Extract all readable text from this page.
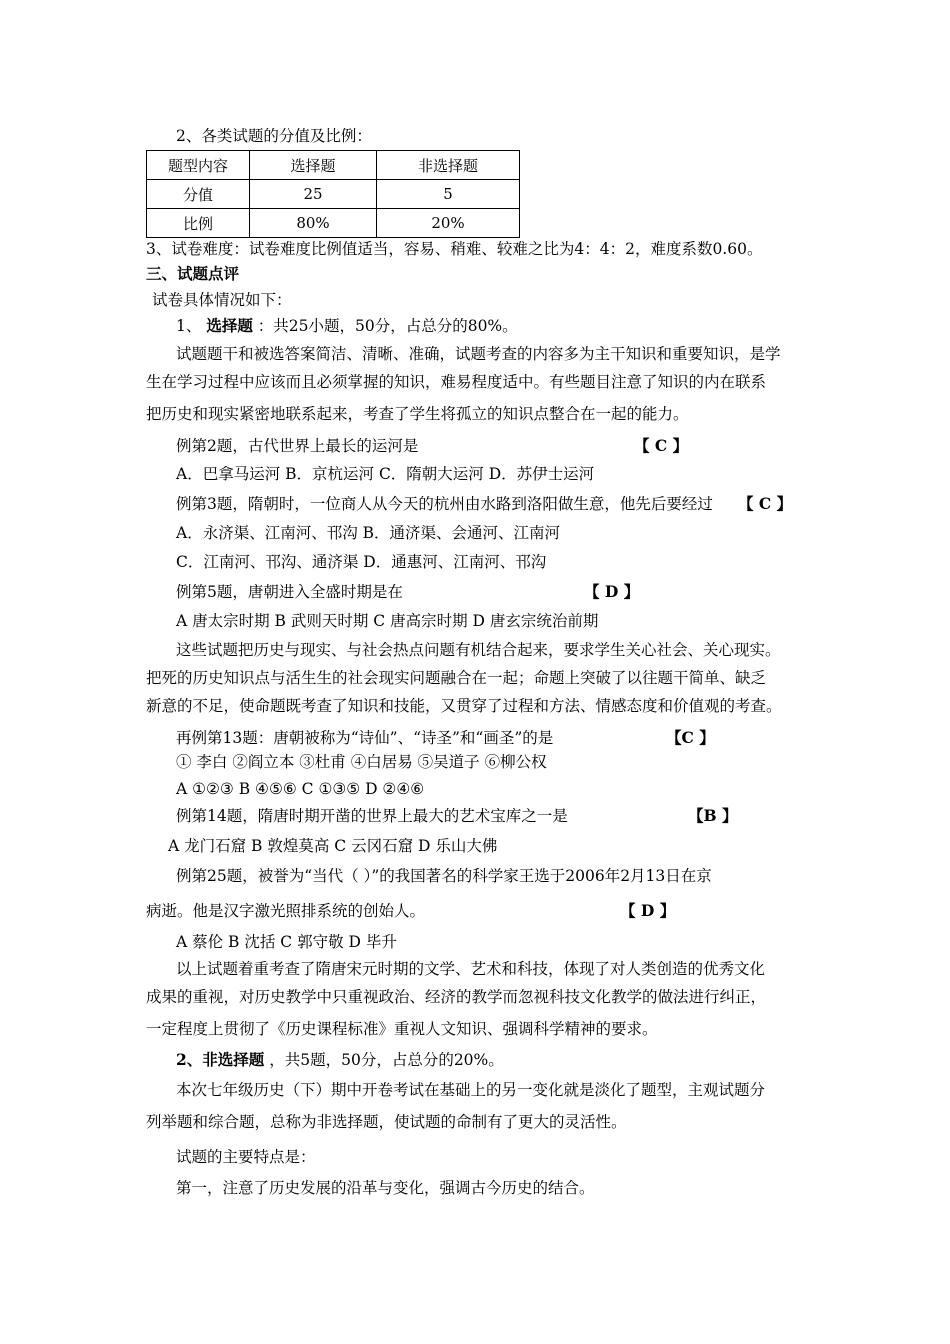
2、各类试题的分值及比例：
题型内容	选择题	非选择题
分值	25	5
比例	80%	20%
3、试卷难度：试卷难度比例值适当，容易、稍难、较难之比为4：4：2，难度系数0.60。
三、试题点评
试卷具体情况如下：
1、 选择题 ：共25小题，50分，占总分的80%。
试题题干和被选答案简洁、清晰、准确，试题考查的内容多为主干知识和重要知识，是学
生在学习过程中应该而且必须掌握的知识，难易程度适中。有些题目注意了知识的内在联系
把历史和现实紧密地联系起来，考查了学生将孤立的知识点整合在一起的能力。
例第2题，古代世界上最长的运河是	【 C 】
A．巴拿马运河 B．京杭运河 C．隋朝大运河 D．苏伊士运河
例第3题，隋朝时，一位商人从今天的杭州由水路到洛阳做生意，他先后要经过 【 C 】
A．永济渠、江南河、邗沟 B．通济渠、会通河、江南河
C．江南河、邗沟、通济渠 D．通惠河、江南河、邗沟
例第5题，唐朝进入全盛时期是在	【 D 】
A 唐太宗时期 B 武则天时期 C 唐高宗时期 D 唐玄宗统治前期
这些试题把历史与现实、与社会热点问题有机结合起来，要求学生关心社会、关心现实。
把死的历史知识点与活生生的社会现实问题融合在一起；命题上突破了以往题干简单、缺乏
新意的不足，使命题既考查了知识和技能，又贯穿了过程和方法、情感态度和价值观的考查。
再例第13题：唐朝被称为“诗仙”、“诗圣”和“画圣”的是	【C 】
① 李白 ②阎立本 ③杜甫 ④白居易 ⑤吴道子 ⑥柳公权
A ①②③ B ④⑤⑥ C ①③⑤ D ②④⑥
例第14题，隋唐时期开凿的世界上最大的艺术宝库之一是	【B 】
A 龙门石窟 B 敦煌莫高 C 云冈石窟 D 乐山大佛
例第25题，被誉为“当代（ ）”的我国著名的科学家王选于2006年2月13日在京
病逝。他是汉字激光照排系统的创始人。	【 D 】
A 蔡伦 B 沈括 C 郭守敬 D 毕升
以上试题着重考查了隋唐宋元时期的文学、艺术和科技，体现了对人类创造的优秀文化
成果的重视，对历史教学中只重视政治、经济的教学而忽视科技文化教学的做法进行纠正，
一定程度上贯彻了《历史课程标准》重视人文知识、强调科学精神的要求。
2、非选择题 ，共5题，50分，占总分的20%。
本次七年级历史（下）期中开卷考试在基础上的另一变化就是淡化了题型，主观试题分
列举题和综合题，总称为非选择题，使试题的命制有了更大的灵活性。
试题的主要特点是：
第一，注意了历史发展的沿革与变化，强调古今历史的结合。
